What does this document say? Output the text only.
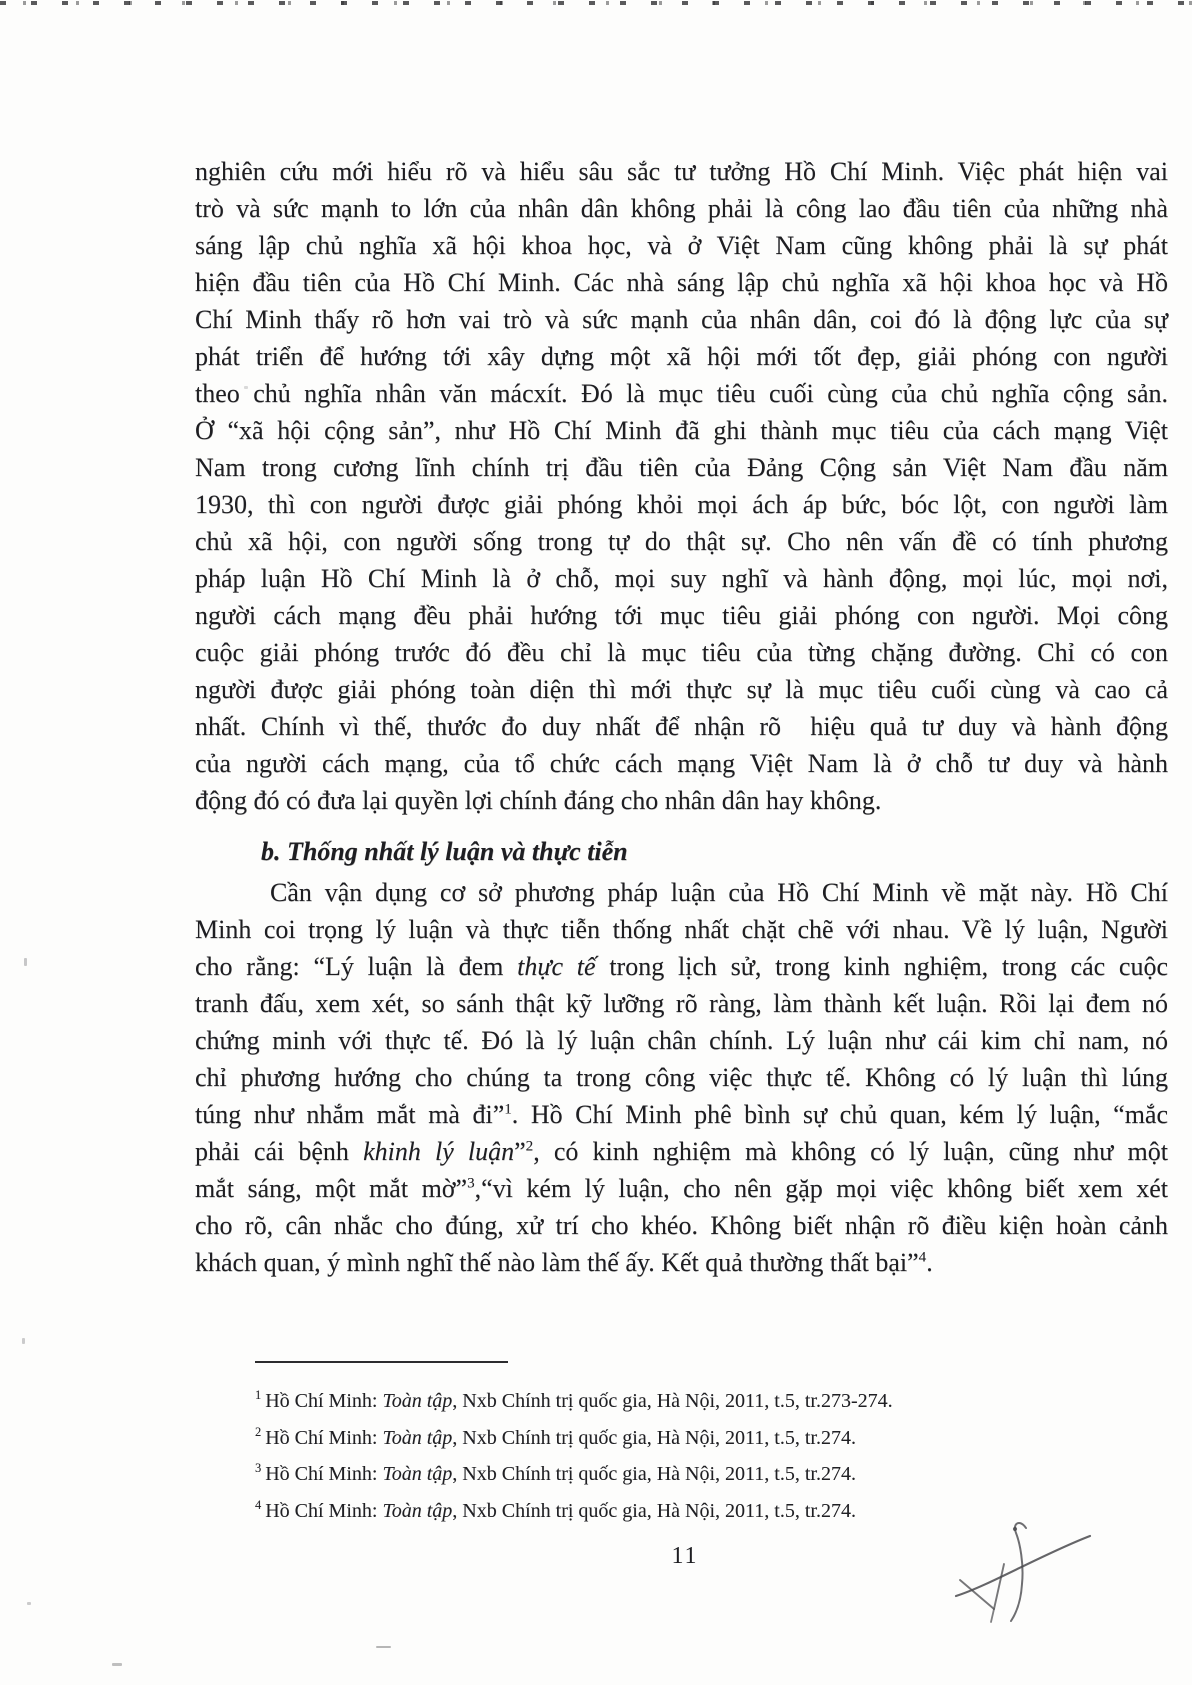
nghiên cứu mới hiểu rõ và hiểu sâu sắc tư tưởng Hồ Chí Minh. Việc phát hiện vai
trò và sức mạnh to lớn của nhân dân không phải là công lao đầu tiên của những nhà
sáng lập chủ nghĩa xã hội khoa học, và ở Việt Nam cũng không phải là sự phát
hiện đầu tiên của Hồ Chí Minh. Các nhà sáng lập chủ nghĩa xã hội khoa học và Hồ
Chí Minh thấy rõ hơn vai trò và sức mạnh của nhân dân, coi đó là động lực của sự
phát triển để hướng tới xây dựng một xã hội mới tốt đẹp, giải phóng con người
theo chủ nghĩa nhân văn mácxít. Đó là mục tiêu cuối cùng của chủ nghĩa cộng sản.
Ở “xã hội cộng sản”, như Hồ Chí Minh đã ghi thành mục tiêu của cách mạng Việt
Nam trong cương lĩnh chính trị đầu tiên của Đảng Cộng sản Việt Nam đầu năm
1930, thì con người được giải phóng khỏi mọi ách áp bức, bóc lột, con người làm
chủ xã hội, con người sống trong tự do thật sự. Cho nên vấn đề có tính phương
pháp luận Hồ Chí Minh là ở chỗ, mọi suy nghĩ và hành động, mọi lúc, mọi nơi,
người cách mạng đều phải hướng tới mục tiêu giải phóng con người. Mọi công
cuộc giải phóng trước đó đều chỉ là mục tiêu của từng chặng đường. Chỉ có con
người được giải phóng toàn diện thì mới thực sự là mục tiêu cuối cùng và cao cả
nhất. Chính vì thế, thước đo duy nhất để nhận rõ  hiệu quả tư duy và hành động
của người cách mạng, của tổ chức cách mạng Việt Nam là ở chỗ tư duy và hành
động đó có đưa lại quyền lợi chính đáng cho nhân dân hay không.
b. Thống nhất lý luận và thực tiễn
Cần vận dụng cơ sở phương pháp luận của Hồ Chí Minh về mặt này. Hồ Chí
Minh coi trọng lý luận và thực tiễn thống nhất chặt chẽ với nhau. Về lý luận, Người
cho rằng: “Lý luận là đem thực tế trong lịch sử, trong kinh nghiệm, trong các cuộc
tranh đấu, xem xét, so sánh thật kỹ lưỡng rõ ràng, làm thành kết luận. Rồi lại đem nó
chứng minh với thực tế. Đó là lý luận chân chính. Lý luận như cái kim chỉ nam, nó
chỉ phương hướng cho chúng ta trong công việc thực tế. Không có lý luận thì lúng
túng như nhắm mắt mà đi”$^1$. Hồ Chí Minh phê bình sự chủ quan, kém lý luận, “mắc
phải cái bệnh khinh lý luận”$^2$, có kinh nghiệm mà không có lý luận, cũng như một
mắt sáng, một mắt mờ”$^3$,“vì kém lý luận, cho nên gặp mọi việc không biết xem xét
cho rõ, cân nhắc cho đúng, xử trí cho khéo. Không biết nhận rõ điều kiện hoàn cảnh
khách quan, ý mình nghĩ thế nào làm thế ấy. Kết quả thường thất bại”$^4$.
$^1$ Hồ Chí Minh: Toàn tập, Nxb Chính trị quốc gia, Hà Nội, 2011, t.5, tr.273-274.
$^2$ Hồ Chí Minh: Toàn tập, Nxb Chính trị quốc gia, Hà Nội, 2011, t.5, tr.274.
$^3$ Hồ Chí Minh: Toàn tập, Nxb Chính trị quốc gia, Hà Nội, 2011, t.5, tr.274.
$^4$ Hồ Chí Minh: Toàn tập, Nxb Chính trị quốc gia, Hà Nội, 2011, t.5, tr.274.
11
